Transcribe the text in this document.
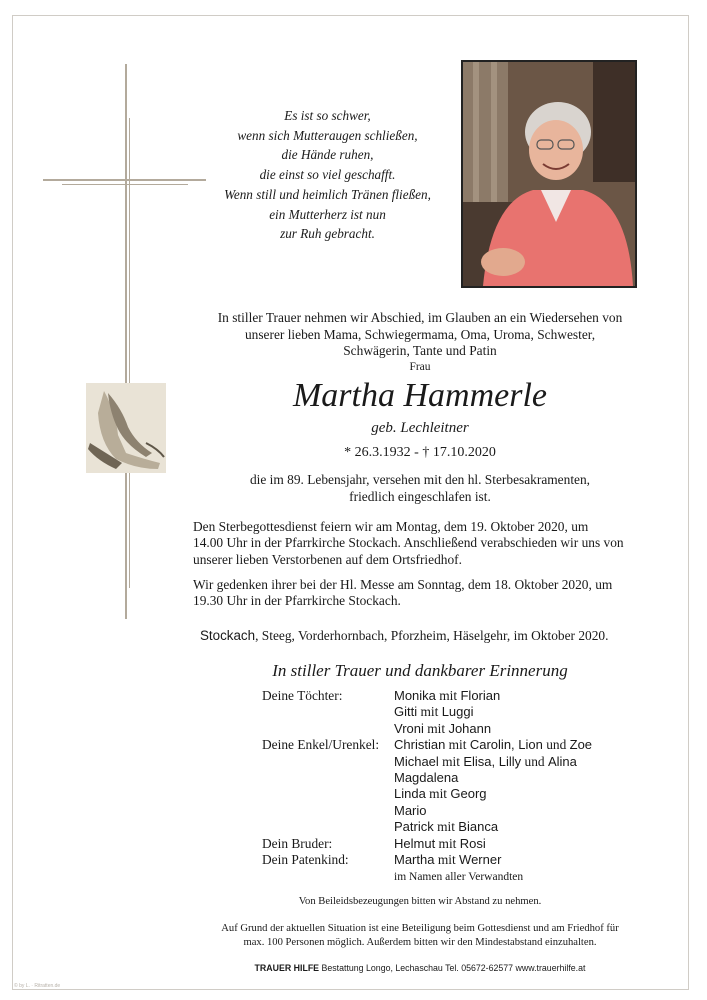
Es ist so schwer,
wenn sich Mutteraugen schließen,
die Hände ruhen,
die einst so viel geschafft.
Wenn still und heimlich Tränen fließen,
ein Mutterherz ist nun
zur Ruh gebracht.
In stiller Trauer nehmen wir Abschied, im Glauben an ein Wiedersehen von
unserer lieben Mama, Schwiegermama, Oma, Uroma, Schwester,
Schwägerin, Tante und Patin
Frau
Martha Hammerle
geb. Lechleitner
* 26.3.1932 - † 17.10.2020
die im 89. Lebensjahr, versehen mit den hl. Sterbesakramenten,
friedlich eingeschlafen ist.
Den Sterbegottesdienst feiern wir am Montag, dem 19. Oktober 2020, um
14.00 Uhr in der Pfarrkirche Stockach. Anschließend verabschieden wir uns von
unserer lieben Verstorbenen auf dem Ortsfriedhof.
Wir gedenken ihrer bei der Hl. Messe am Sonntag, dem 18. Oktober 2020, um
19.30 Uhr in der Pfarrkirche Stockach.
Stockach, Steeg, Vorderhornbach, Pforzheim, Häselgehr, im Oktober 2020.
In stiller Trauer und dankbarer Erinnerung
Deine Töchter:	Monika mit Florian
Gitti mit Luggi
Vroni mit Johann
Deine Enkel/Urenkel: Christian mit Carolin, Lion und Zoe
Michael mit Elisa, Lilly und Alina
Magdalena
Linda mit Georg
Mario
Patrick mit Bianca
Dein Bruder:	Helmut mit Rosi
Dein Patenkind:	Martha mit Werner
im Namen aller Verwandten
Von Beileidsbezeugungen bitten wir Abstand zu nehmen.
Auf Grund der aktuellen Situation ist eine Beteiligung beim Gottesdienst und am Friedhof für
max. 100 Personen möglich. Außerdem bitten wir den Mindestabstand einzuhalten.
TRAUER HILFE Bestattung Longo, Lechaschau Tel. 05672-62577 www.trauerhilfe.at
© by L. · Ritratten.de
